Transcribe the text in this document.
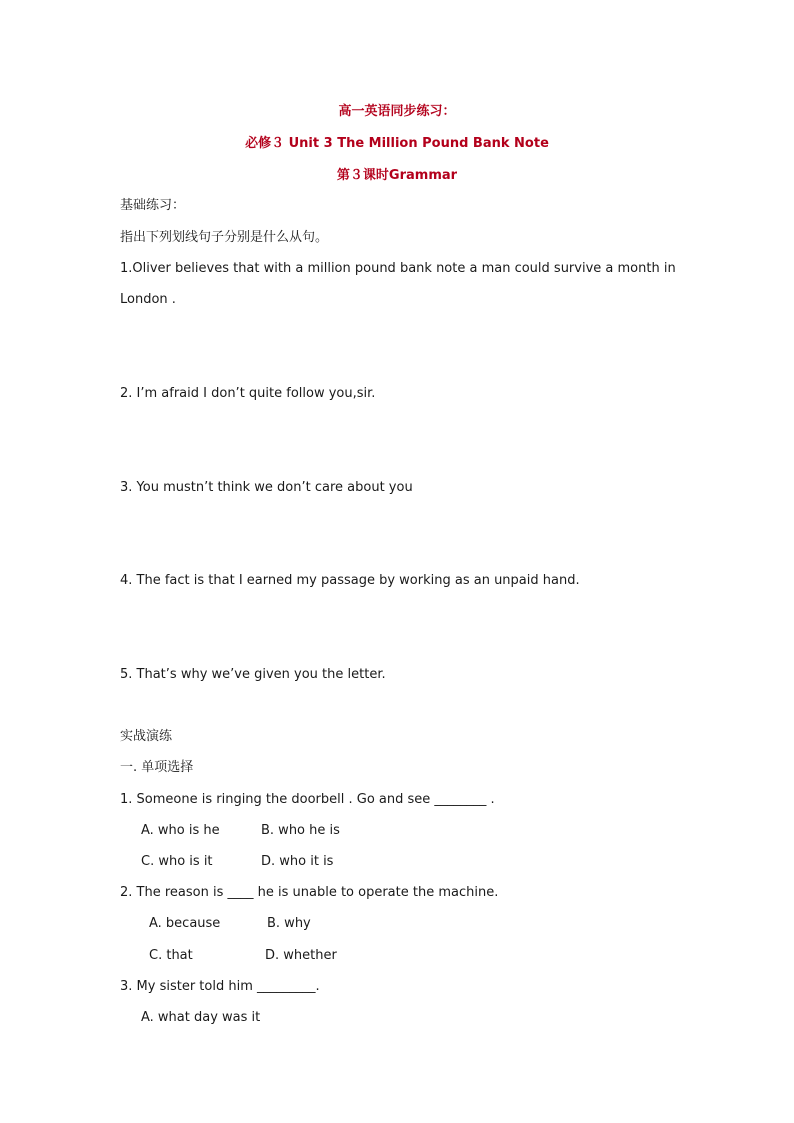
高一英语同步练习：
必修３ Unit 3 The Million Pound Bank Note
第３课时Grammar
基础练习：
指出下列划线句子分别是什么从句。
1.Oliver believes that with a million pound bank note a man could survive a month in
London .
2. I’m afraid I don’t quite follow you,sir.
3. You mustn’t think we don’t care about you
4. The fact is that I earned my passage by working as an unpaid hand.
5. That’s why we’ve given you the letter.
实战演练
一. 单项选择
1. Someone is ringing the doorbell . Go and see ________ .
A. who is he	B. who he is
C. who is it	D. who it is
2. The reason is ____ he is unable to operate the machine.
A. because	B. why
C. that	D. whether
3. My sister told him _________.
A. what day was it
